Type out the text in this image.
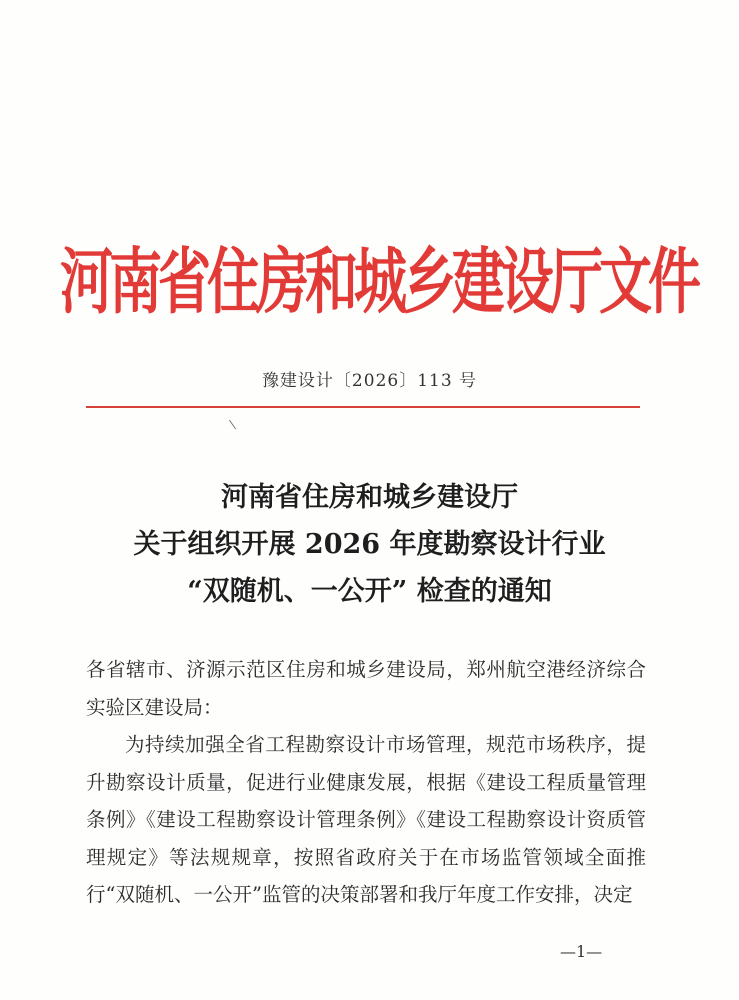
河南省住房和城乡建设厅文件
豫建设计〔2026〕113 号
河南省住房和城乡建设厅
关于组织开展 2026 年度勘察设计行业
“双随机、一公开” 检查的通知

各省辖市、济源示范区住房和城乡建设局，郑州航空港经济综合实验区建设局：

为持续加强全省工程勘察设计市场管理，规范市场秩序，提升勘察设计质量，促进行业健康发展，根据《建设工程质量管理条例》《建设工程勘察设计管理条例》《建设工程勘察设计资质管理规定》等法规规章，按照省政府关于在市场监管领域全面推行“双随机、一公开”监管的决策部署和我厅年度工作安排，决定

—1—
